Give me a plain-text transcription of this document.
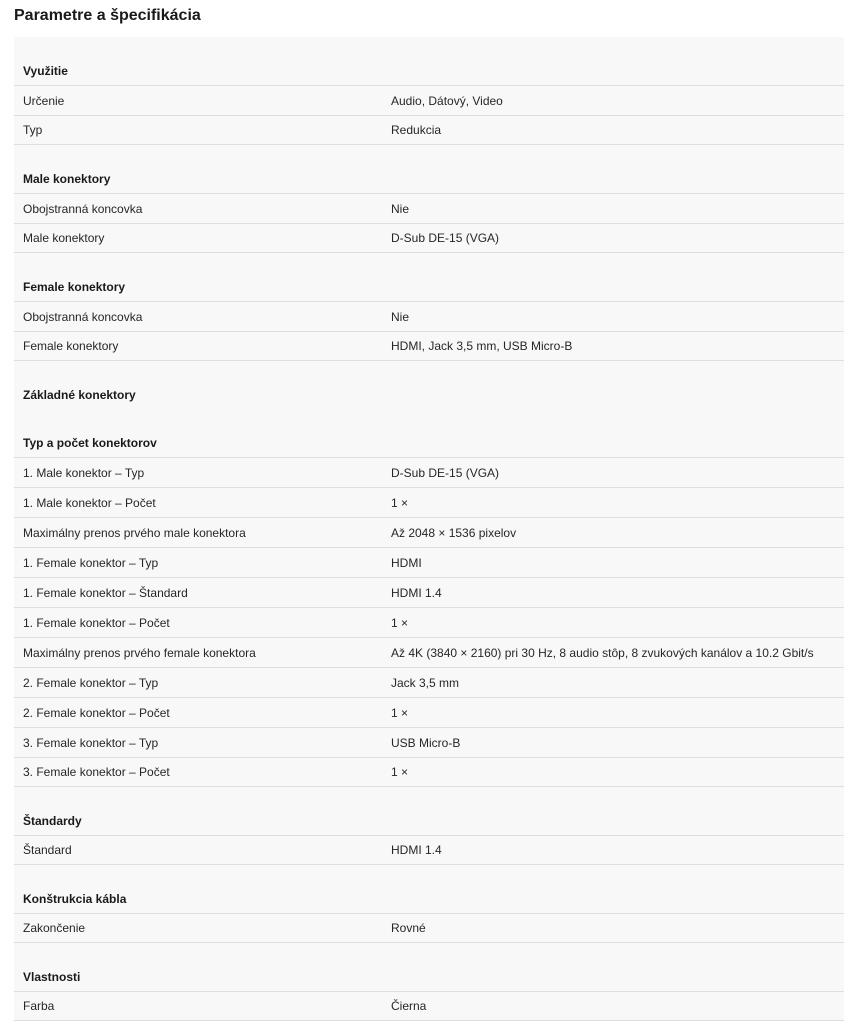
Parametre a špecifikácia
Využitie
Určenie	Audio, Dátový, Video
Typ	Redukcia
Male konektory
Obojstranná koncovka	Nie
Male konektory	D-Sub DE-15 (VGA)
Female konektory
Obojstranná koncovka	Nie
Female konektory	HDMI, Jack 3,5 mm, USB Micro-B
Základné konektory
Typ a počet konektorov
1. Male konektor – Typ	D-Sub DE-15 (VGA)
1. Male konektor – Počet	1 ×
Maximálny prenos prvého male konektora	Až 2048 × 1536 pixelov
1. Female konektor – Typ	HDMI
1. Female konektor – Štandard	HDMI 1.4
1. Female konektor – Počet	1 ×
Maximálny prenos prvého female konektora	Až 4K (3840 × 2160) pri 30 Hz, 8 audio stôp, 8 zvukových kanálov a 10.2 Gbit/s
2. Female konektor – Typ	Jack 3,5 mm
2. Female konektor – Počet	1 ×
3. Female konektor – Typ	USB Micro-B
3. Female konektor – Počet	1 ×
Štandardy
Štandard	HDMI 1.4
Konštrukcia kábla
Zakončenie	Rovné
Vlastnosti
Farba	Čierna
